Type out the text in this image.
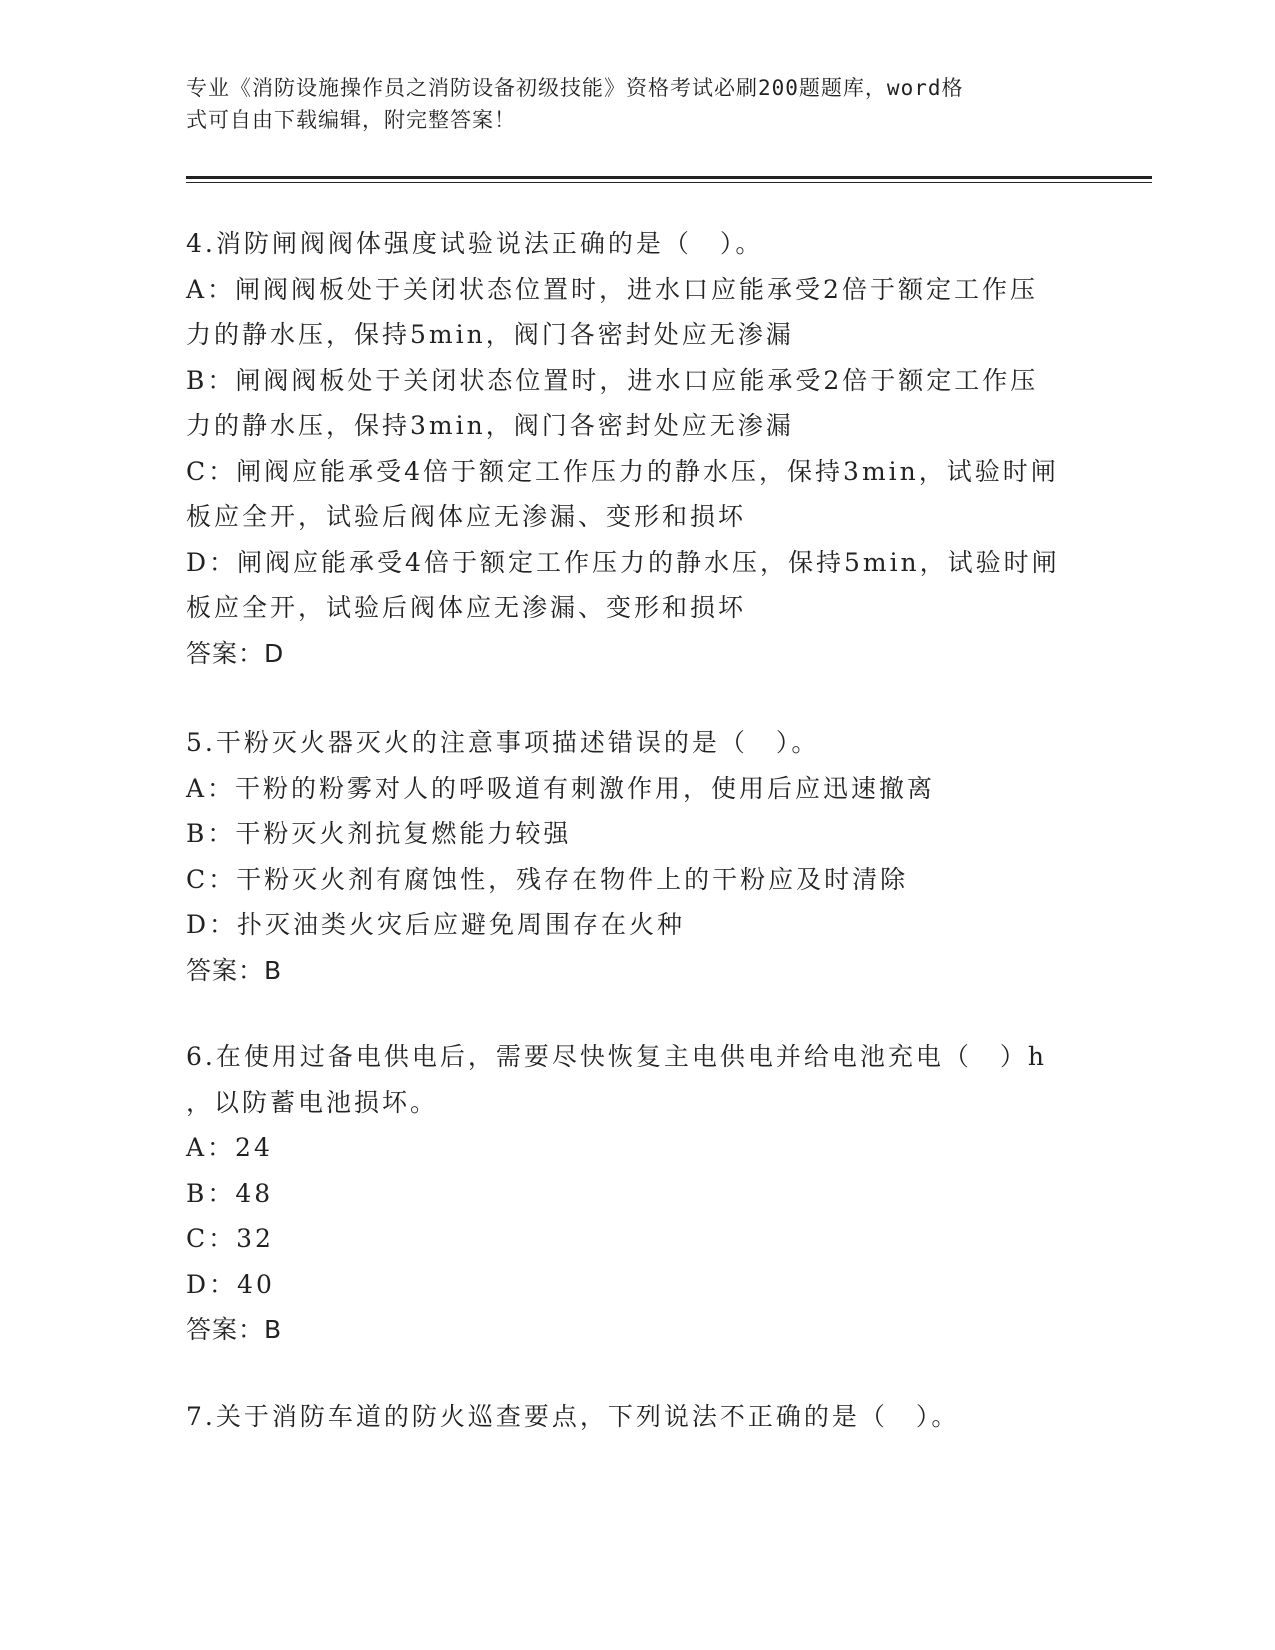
专业《消防设施操作员之消防设备初级技能》资格考试必刷200题题库，word格
式可自由下载编辑，附完整答案！
4.消防闸阀阀体强度试验说法正确的是（　）。
A：闸阀阀板处于关闭状态位置时，进水口应能承受2倍于额定工作压
力的静水压，保持5min，阀门各密封处应无渗漏
B：闸阀阀板处于关闭状态位置时，进水口应能承受2倍于额定工作压
力的静水压，保持3min，阀门各密封处应无渗漏
C：闸阀应能承受4倍于额定工作压力的静水压，保持3min，试验时闸
板应全开，试验后阀体应无渗漏、变形和损坏
D：闸阀应能承受4倍于额定工作压力的静水压，保持5min，试验时闸
板应全开，试验后阀体应无渗漏、变形和损坏
答案：D
5.干粉灭火器灭火的注意事项描述错误的是（　）。
A：干粉的粉雾对人的呼吸道有刺激作用，使用后应迅速撤离
B：干粉灭火剂抗复燃能力较强
C：干粉灭火剂有腐蚀性，残存在物件上的干粉应及时清除
D：扑灭油类火灾后应避免周围存在火种
答案：B
6.在使用过备电供电后，需要尽快恢复主电供电并给电池充电（　）h
，以防蓄电池损坏。
A：24
B：48
C：32
D：40
答案：B
7.关于消防车道的防火巡查要点，下列说法不正确的是（　）。
